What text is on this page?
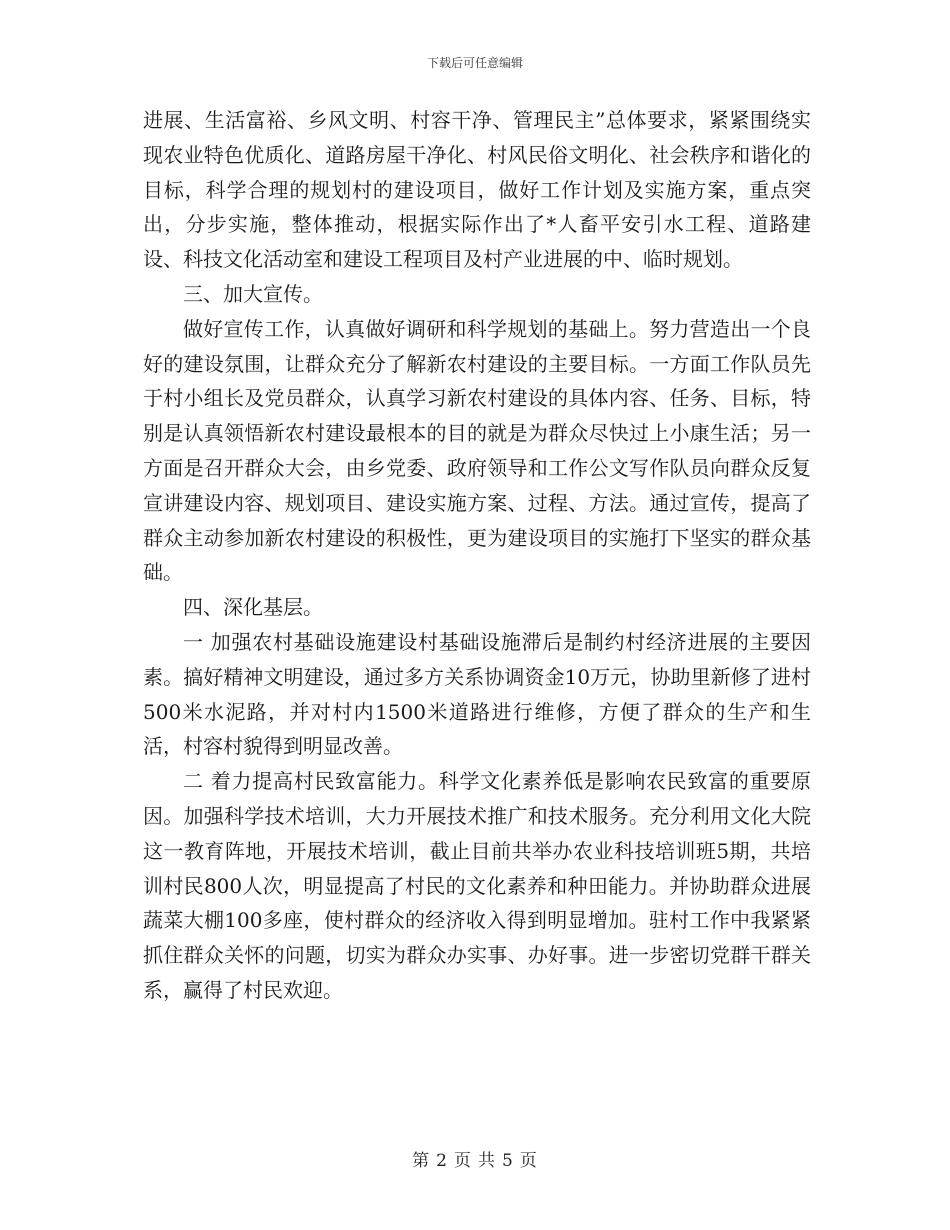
下载后可任意编辑

进展、生活富裕、乡风文明、村容干净、管理民主”总体要求，紧紧围绕实现农业特色优质化、道路房屋干净化、村风民俗文明化、社会秩序和谐化的目标，科学合理的规划村的建设项目，做好工作计划及实施方案，重点突出，分步实施，整体推动，根据实际作出了*人畜平安引水工程、道路建设、科技文化活动室和建设工程项目及村产业进展的中、临时规划。

三、加大宣传。

做好宣传工作，认真做好调研和科学规划的基础上。努力营造出一个良好的建设氛围，让群众充分了解新农村建设的主要目标。一方面工作队员先于村小组长及党员群众，认真学习新农村建设的具体内容、任务、目标，特别是认真领悟新农村建设最根本的目的就是为群众尽快过上小康生活；另一方面是召开群众大会，由乡党委、政府领导和工作公文写作队员向群众反复宣讲建设内容、规划项目、建设实施方案、过程、方法。通过宣传，提高了群众主动参加新农村建设的积极性，更为建设项目的实施打下坚实的群众基础。

四、深化基层。

一 加强农村基础设施建设村基础设施滞后是制约村经济进展的主要因素。搞好精神文明建设，通过多方关系协调资金10万元，协助里新修了进村500米水泥路，并对村内1500米道路进行维修，方便了群众的生产和生活，村容村貌得到明显改善。

二 着力提高村民致富能力。科学文化素养低是影响农民致富的重要原因。加强科学技术培训，大力开展技术推广和技术服务。充分利用文化大院这一教育阵地，开展技术培训，截止目前共举办农业科技培训班5期，共培训村民800人次，明显提高了村民的文化素养和种田能力。并协助群众进展蔬菜大棚100多座，使村群众的经济收入得到明显增加。驻村工作中我紧紧抓住群众关怀的问题，切实为群众办实事、办好事。进一步密切党群干群关系，赢得了村民欢迎。

第 2 页 共 5 页
